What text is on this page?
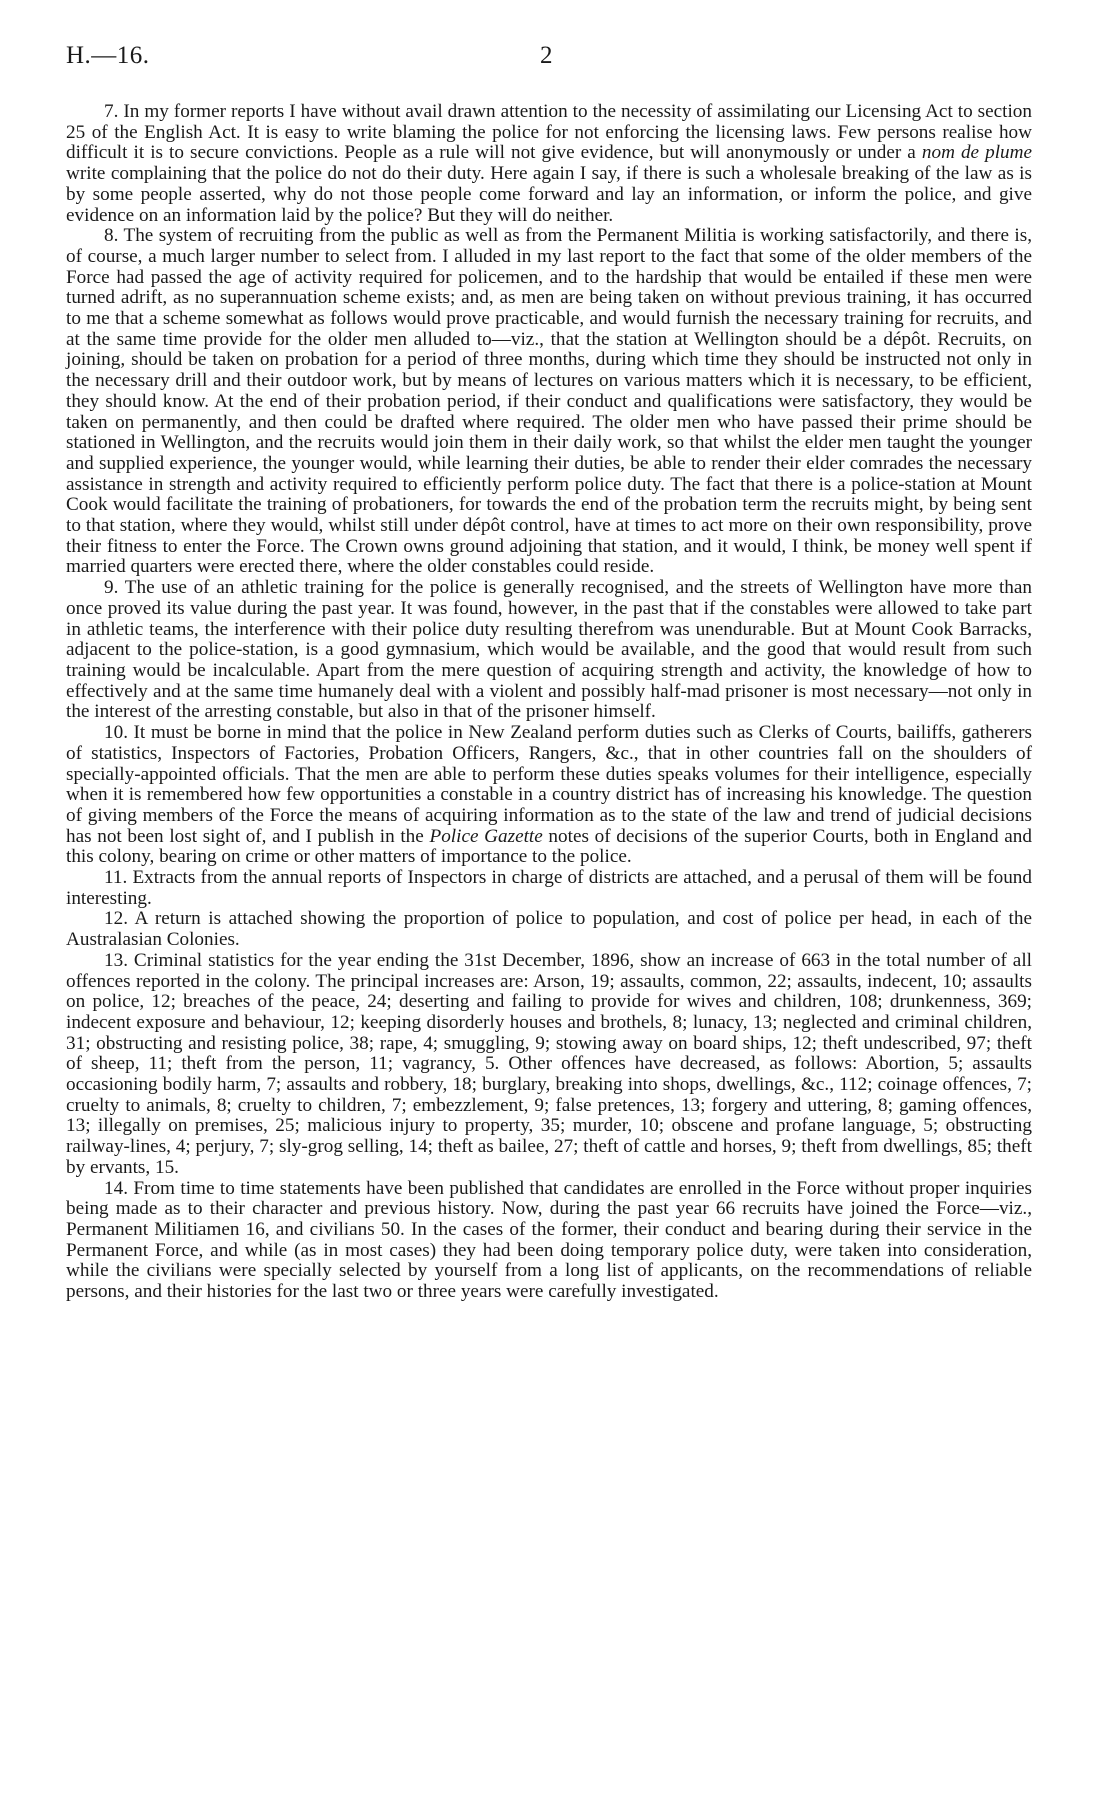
H.—16.	2

7. In my former reports I have without avail drawn attention to the necessity of assimilating our Licensing Act to section 25 of the English Act. It is easy to write blaming the police for not enforcing the licensing laws. Few persons realise how difficult it is to secure convictions. People as a rule will not give evidence, but will anonymously or under a nom de plume write complaining that the police do not do their duty. Here again I say, if there is such a wholesale breaking of the law as is by some people asserted, why do not those people come forward and lay an information, or inform the police, and give evidence on an information laid by the police? But they will do neither.

8. The system of recruiting from the public as well as from the Permanent Militia is working satisfactorily, and there is, of course, a much larger number to select from. I alluded in my last report to the fact that some of the older members of the Force had passed the age of activity required for policemen, and to the hardship that would be entailed if these men were turned adrift, as no superannuation scheme exists; and, as men are being taken on without previous training, it has occurred to me that a scheme somewhat as follows would prove practicable, and would furnish the necessary training for recruits, and at the same time provide for the older men alluded to—viz., that the station at Wellington should be a dépôt. Recruits, on joining, should be taken on probation for a period of three months, during which time they should be instructed not only in the necessary drill and their outdoor work, but by means of lectures on various matters which it is necessary, to be efficient, they should know. At the end of their probation period, if their conduct and qualifications were satisfactory, they would be taken on permanently, and then could be drafted where required. The older men who have passed their prime should be stationed in Wellington, and the recruits would join them in their daily work, so that whilst the elder men taught the younger and supplied experience, the younger would, while learning their duties, be able to render their elder comrades the necessary assistance in strength and activity required to efficiently perform police duty. The fact that there is a police-station at Mount Cook would facilitate the training of probationers, for towards the end of the probation term the recruits might, by being sent to that station, where they would, whilst still under dépôt control, have at times to act more on their own responsibility, prove their fitness to enter the Force. The Crown owns ground adjoining that station, and it would, I think, be money well spent if married quarters were erected there, where the older constables could reside.

9. The use of an athletic training for the police is generally recognised, and the streets of Wellington have more than once proved its value during the past year. It was found, however, in the past that if the constables were allowed to take part in athletic teams, the interference with their police duty resulting therefrom was unendurable. But at Mount Cook Barracks, adjacent to the police-station, is a good gymnasium, which would be available, and the good that would result from such training would be incalculable. Apart from the mere question of acquiring strength and activity, the knowledge of how to effectively and at the same time humanely deal with a violent and possibly half-mad prisoner is most necessary—not only in the interest of the arresting constable, but also in that of the prisoner himself.

10. It must be borne in mind that the police in New Zealand perform duties such as Clerks of Courts, bailiffs, gatherers of statistics, Inspectors of Factories, Probation Officers, Rangers, &c., that in other countries fall on the shoulders of specially-appointed officials. That the men are able to perform these duties speaks volumes for their intelligence, especially when it is remembered how few opportunities a constable in a country district has of increasing his knowledge. The question of giving members of the Force the means of acquiring information as to the state of the law and trend of judicial decisions has not been lost sight of, and I publish in the Police Gazette notes of decisions of the superior Courts, both in England and this colony, bearing on crime or other matters of importance to the police.

11. Extracts from the annual reports of Inspectors in charge of districts are attached, and a perusal of them will be found interesting.

12. A return is attached showing the proportion of police to population, and cost of police per head, in each of the Australasian Colonies.

13. Criminal statistics for the year ending the 31st December, 1896, show an increase of 663 in the total number of all offences reported in the colony. The principal increases are: Arson, 19; assaults, common, 22; assaults, indecent, 10; assaults on police, 12; breaches of the peace, 24; deserting and failing to provide for wives and children, 108; drunkenness, 369; indecent exposure and behaviour, 12; keeping disorderly houses and brothels, 8; lunacy, 13; neglected and criminal children, 31; obstructing and resisting police, 38; rape, 4; smuggling, 9; stowing away on board ships, 12; theft undescribed, 97; theft of sheep, 11; theft from the person, 11; vagrancy, 5. Other offences have decreased, as follows: Abortion, 5; assaults occasioning bodily harm, 7; assaults and robbery, 18; burglary, breaking into shops, dwellings, &c., 112; coinage offences, 7; cruelty to animals, 8; cruelty to children, 7; embezzlement, 9; false pretences, 13; forgery and uttering, 8; gaming offences, 13; illegally on premises, 25; malicious injury to property, 35; murder, 10; obscene and profane language, 5; obstructing railway-lines, 4; perjury, 7; sly-grog selling, 14; theft as bailee, 27; theft of cattle and horses, 9; theft from dwellings, 85; theft by ervants, 15.

14. From time to time statements have been published that candidates are enrolled in the Force without proper inquiries being made as to their character and previous history. Now, during the past year 66 recruits have joined the Force—viz., Permanent Militiamen 16, and civilians 50. In the cases of the former, their conduct and bearing during their service in the Permanent Force, and while (as in most cases) they had been doing temporary police duty, were taken into consideration, while the civilians were specially selected by yourself from a long list of applicants, on the recommendations of reliable persons, and their histories for the last two or three years were carefully investigated.
